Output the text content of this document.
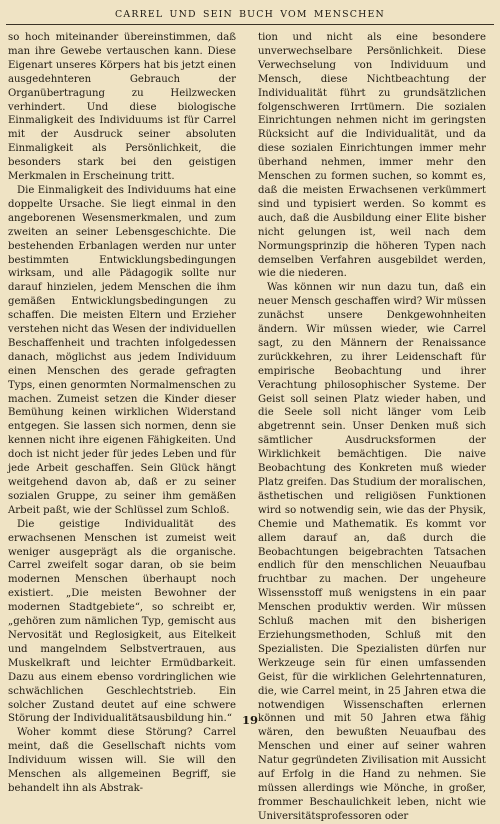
CARREL UND SEIN BUCH VOM MENSCHEN

so hoch miteinander übereinstimmen, daß man ihre Gewebe vertauschen kann. Diese Eigenart unseres Körpers hat bis jetzt einen ausgedehnteren Gebrauch der Organübertragung zu Heilzwecken verhindert. Und diese biologische Einmaligkeit des Individuums ist für Carrel mit der Ausdruck seiner absoluten Einmaligkeit als Persönlichkeit, die besonders stark bei den geistigen Merkmalen in Erscheinung tritt.

Die Einmaligkeit des Individuums hat eine doppelte Ursache. Sie liegt einmal in den angeborenen Wesensmerkmalen, und zum zweiten an seiner Lebensgeschichte. Die bestehenden Erbanlagen werden nur unter bestimmten Entwicklungsbedingungen wirksam, und alle Pädagogik sollte nur darauf hinzielen, jedem Menschen die ihm gemäßen Entwicklungsbedingungen zu schaffen. Die meisten Eltern und Erzieher verstehen nicht das Wesen der individuellen Beschaffenheit und trachten infolgedessen danach, möglichst aus jedem Individuum einen Menschen des gerade gefragten Typs, einen genormten Normalmenschen zu machen. Zumeist setzen die Kinder dieser Bemühung keinen wirklichen Widerstand entgegen. Sie lassen sich normen, denn sie kennen nicht ihre eigenen Fähigkeiten. Und doch ist nicht jeder für jedes Leben und für jede Arbeit geschaffen. Sein Glück hängt weitgehend davon ab, daß er zu seiner sozialen Gruppe, zu seiner ihm gemäßen Arbeit paßt, wie der Schlüssel zum Schloß.

Die geistige Individualität des erwachsenen Menschen ist zumeist weit weniger ausgeprägt als die organische. Carrel zweifelt sogar daran, ob sie beim modernen Menschen überhaupt noch existiert. „Die meisten Bewohner der modernen Stadtgebiete“, so schreibt er, „gehören zum nämlichen Typ, gemischt aus Nervosität und Reglosigkeit, aus Eitelkeit und mangelndem Selbstvertrauen, aus Muskelkraft und leichter Ermüdbarkeit. Dazu aus einem ebenso vordringlichen wie schwächlichen Geschlechtstrieb. Ein solcher Zustand deutet auf eine schwere Störung der Individualitätsausbildung hin.“

Woher kommt diese Störung? Carrel meint, daß die Gesellschaft nichts vom Individuum wissen will. Sie will den Menschen als allgemeinen Begriff, sie behandelt ihn als Abstrak-

tion und nicht als eine besondere unverwechselbare Persönlichkeit. Diese Verwechselung von Individuum und Mensch, diese Nichtbeachtung der Individualität führt zu grundsätzlichen folgenschweren Irrtümern. Die sozialen Einrichtungen nehmen nicht im geringsten Rücksicht auf die Individualität, und da diese sozialen Einrichtungen immer mehr überhand nehmen, immer mehr den Menschen zu formen suchen, so kommt es, daß die meisten Erwachsenen verkümmert sind und typisiert werden. So kommt es auch, daß die Ausbildung einer Elite bisher nicht gelungen ist, weil nach dem Normungsprinzip die höheren Typen nach demselben Verfahren ausgebildet werden, wie die niederen.

Was können wir nun dazu tun, daß ein neuer Mensch geschaffen wird? Wir müssen zunächst unsere Denkgewohnheiten ändern. Wir müssen wieder, wie Carrel sagt, zu den Männern der Renaissance zurückkehren, zu ihrer Leidenschaft für empirische Beobachtung und ihrer Verachtung philosophischer Systeme. Der Geist soll seinen Platz wieder haben, und die Seele soll nicht länger vom Leib abgetrennt sein. Unser Denken muß sich sämtlicher Ausdrucksformen der Wirklichkeit bemächtigen. Die naive Beobachtung des Konkreten muß wieder Platz greifen. Das Studium der moralischen, ästhetischen und religiösen Funktionen wird so notwendig sein, wie das der Physik, Chemie und Mathematik. Es kommt vor allem darauf an, daß durch die Beobachtungen beigebrachten Tatsachen endlich für den menschlichen Neuaufbau fruchtbar zu machen. Der ungeheure Wissensstoff muß wenigstens in ein paar Menschen produktiv werden. Wir müssen Schluß machen mit den bisherigen Erziehungsmethoden, Schluß mit den Spezialisten. Die Spezialisten dürfen nur Werkzeuge sein für einen umfassenden Geist, für die wirklichen Gelehrtennaturen, die, wie Carrel meint, in 25 Jahren etwa die notwendigen Wissenschaften erlernen können und mit 50 Jahren etwa fähig wären, den bewußten Neuaufbau des Menschen und einer auf seiner wahren Natur gegründeten Zivilisation mit Aussicht auf Erfolg in die Hand zu nehmen. Sie müssen allerdings wie Mönche, in großer, frommer Beschaulichkeit leben, nicht wie Universitätsprofessoren oder

19
